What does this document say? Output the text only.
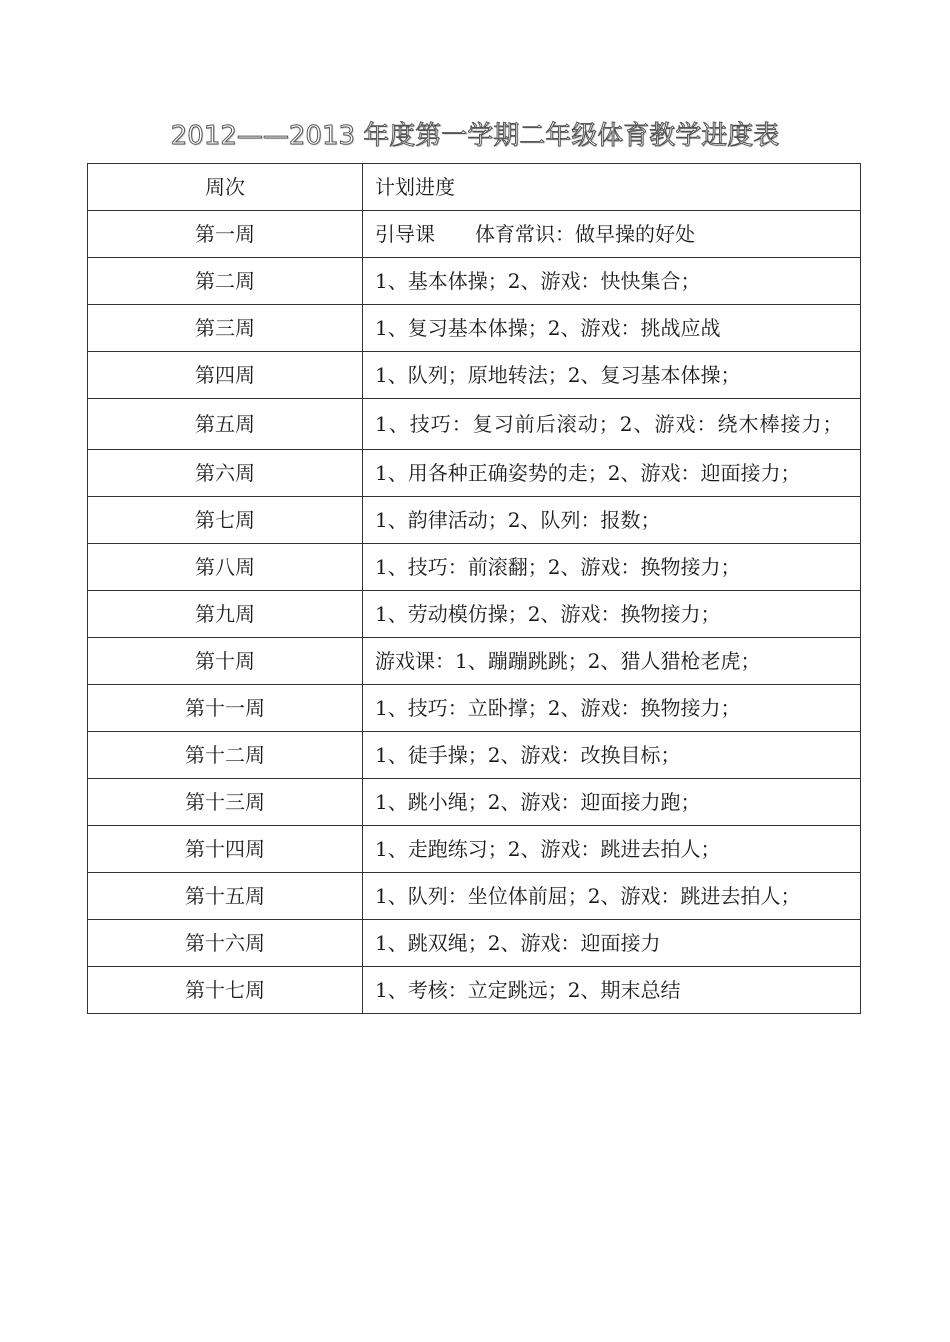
2012——2013 年度第一学期二年级体育教学进度表
周次	计划进度
第一周	引导课　　体育常识：做早操的好处
第二周	1、基本体操；2、游戏：快快集合；
第三周	1、复习基本体操；2、游戏：挑战应战
第四周	1、队列；原地转法；2、复习基本体操；
第五周	1、技巧：复习前后滚动；2、游戏：绕木棒接力；
第六周	1、用各种正确姿势的走；2、游戏：迎面接力；
第七周	1、韵律活动；2、队列：报数；
第八周	1、技巧：前滚翻；2、游戏：换物接力；
第九周	1、劳动模仿操；2、游戏：换物接力；
第十周	游戏课：1、蹦蹦跳跳；2、猎人猎枪老虎；
第十一周	1、技巧：立卧撑；2、游戏：换物接力；
第十二周	1、徒手操；2、游戏：改换目标；
第十三周	1、跳小绳；2、游戏：迎面接力跑；
第十四周	1、走跑练习；2、游戏：跳进去拍人；
第十五周	1、队列：坐位体前屈；2、游戏：跳进去拍人；
第十六周	1、跳双绳；2、游戏：迎面接力
第十七周	1、考核：立定跳远；2、期末总结
